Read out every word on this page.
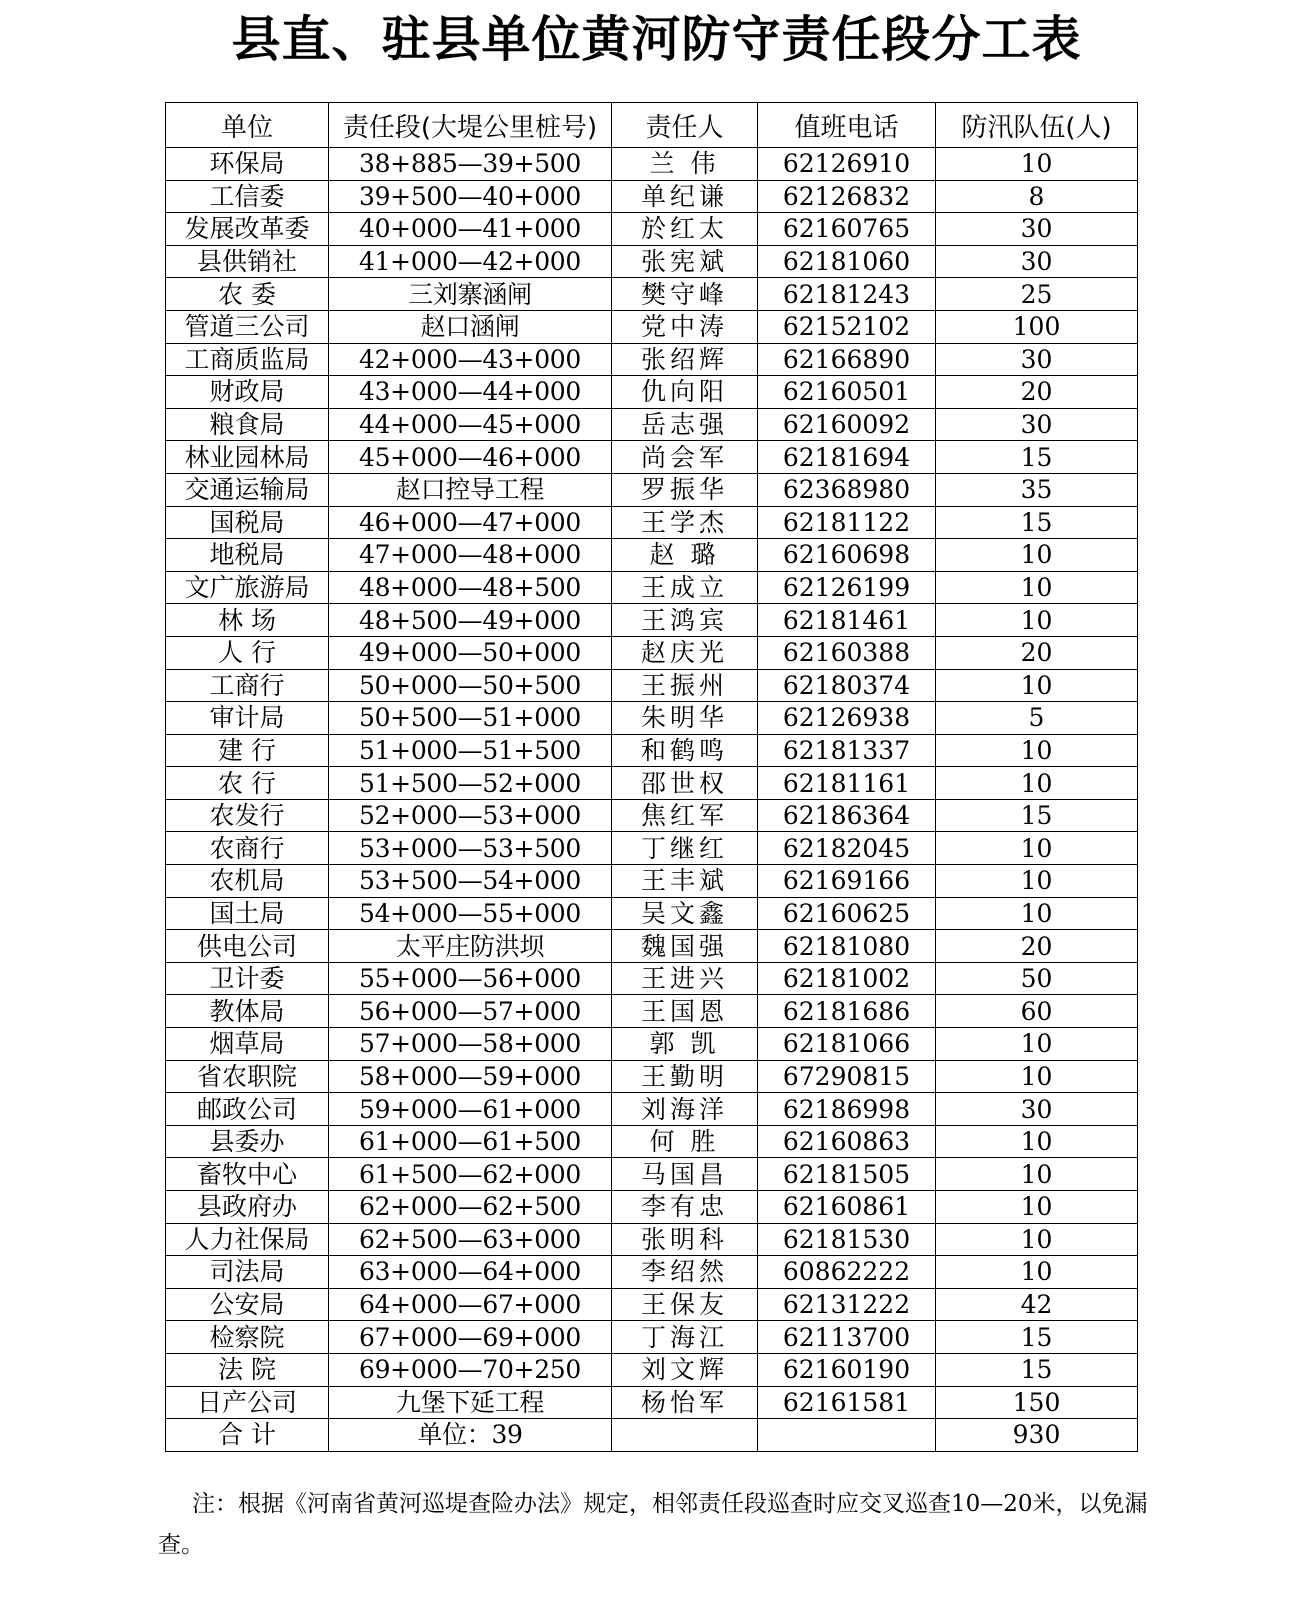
县直、驻县单位黄河防守责任段分工表
单位	责任段(大堤公里桩号)	责任人	值班电话	防汛队伍(人)
环保局	38+885—39+500	兰 伟	62126910	10
工信委	39+500—40+000	单纪谦	62126832	8
发展改革委	40+000—41+000	於红太	62160765	30
县供销社	41+000—42+000	张宪斌	62181060	30
农 委	三刘寨涵闸	樊守峰	62181243	25
管道三公司	赵口涵闸	党中涛	62152102	100
工商质监局	42+000—43+000	张绍辉	62166890	30
财政局	43+000—44+000	仇向阳	62160501	20
粮食局	44+000—45+000	岳志强	62160092	30
林业园林局	45+000—46+000	尚会军	62181694	15
交通运输局	赵口控导工程	罗振华	62368980	35
国税局	46+000—47+000	王学杰	62181122	15
地税局	47+000—48+000	赵 璐	62160698	10
文广旅游局	48+000—48+500	王成立	62126199	10
林 场	48+500—49+000	王鸿宾	62181461	10
人 行	49+000—50+000	赵庆光	62160388	20
工商行	50+000—50+500	王振州	62180374	10
审计局	50+500—51+000	朱明华	62126938	5
建 行	51+000—51+500	和鹤鸣	62181337	10
农 行	51+500—52+000	邵世权	62181161	10
农发行	52+000—53+000	焦红军	62186364	15
农商行	53+000—53+500	丁继红	62182045	10
农机局	53+500—54+000	王丰斌	62169166	10
国土局	54+000—55+000	吴文鑫	62160625	10
供电公司	太平庄防洪坝	魏国强	62181080	20
卫计委	55+000—56+000	王进兴	62181002	50
教体局	56+000—57+000	王国恩	62181686	60
烟草局	57+000—58+000	郭 凯	62181066	10
省农职院	58+000—59+000	王勤明	67290815	10
邮政公司	59+000—61+000	刘海洋	62186998	30
县委办	61+000—61+500	何 胜	62160863	10
畜牧中心	61+500—62+000	马国昌	62181505	10
县政府办	62+000—62+500	李有忠	62160861	10
人力社保局	62+500—63+000	张明科	62181530	10
司法局	63+000—64+000	李绍然	60862222	10
公安局	64+000—67+000	王保友	62131222	42
检察院	67+000—69+000	丁海江	62113700	15
法 院	69+000—70+250	刘文辉	62160190	15
日产公司	九堡下延工程	杨怡军	62161581	150
合 计	单位：39			930
注：根据《河南省黄河巡堤查险办法》规定，相邻责任段巡查时应交叉巡查10—20米，以免漏查。
